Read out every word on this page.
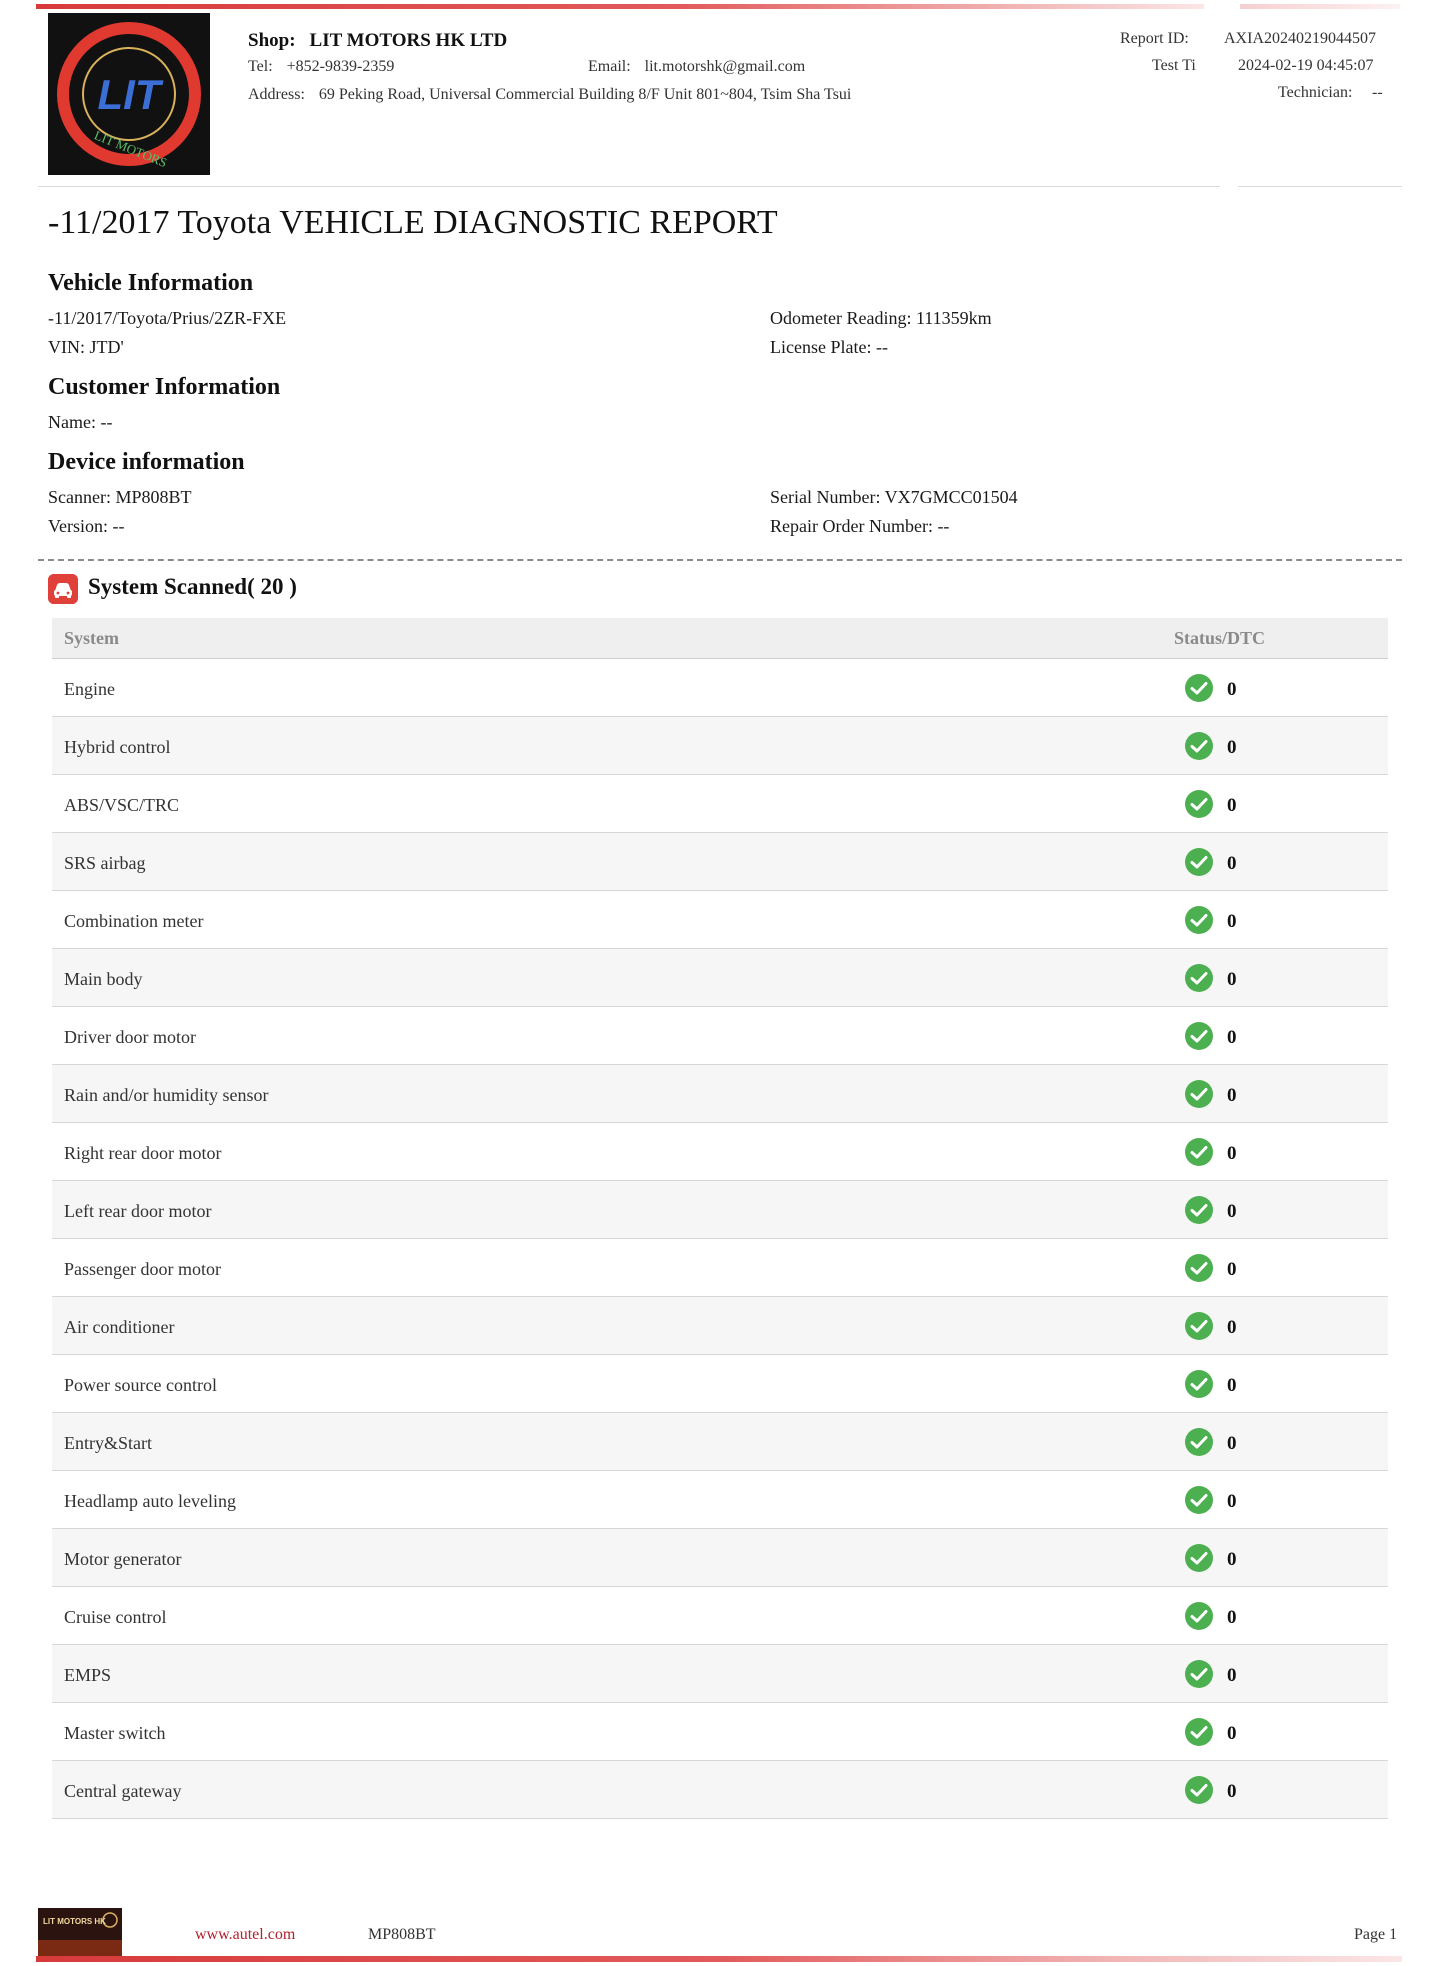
LIT
LIT MOTORS
Shop: LIT MOTORS HK LTD
Tel: +852-9839-2359	Email: lit.motorshk@gmail.com
Address: 69 Peking Road, Universal Commercial Building 8/F Unit 801~804, Tsim Sha Tsui
Report ID: AXIA20240219044507
Test Ti	2024-02-19 04:45:07
Technician: --
-11/2017 Toyota VEHICLE DIAGNOSTIC REPORT
Vehicle Information
-11/2017/Toyota/Prius/2ZR-FXE	Odometer Reading: 111359km
VIN: JTD'	License Plate: --
Customer Information
Name: --
Device information
Scanner: MP808BT	Serial Number: VX7GMCC01504
Version: --	Repair Order Number: --
System Scanned( 20 )
System	Status/DTC
Engine	0
Hybrid control	0
ABS/VSC/TRC	0
SRS airbag	0
Combination meter	0
Main body	0
Driver door motor	0
Rain and/or humidity sensor	0
Right rear door motor	0
Left rear door motor	0
Passenger door motor	0
Air conditioner	0
Power source control	0
Entry&Start	0
Headlamp auto leveling	0
Motor generator	0
Cruise control	0
EMPS	0
Master switch	0
Central gateway	0
LIT MOTORS HK
www.autel.com	MP808BT	Page 1
